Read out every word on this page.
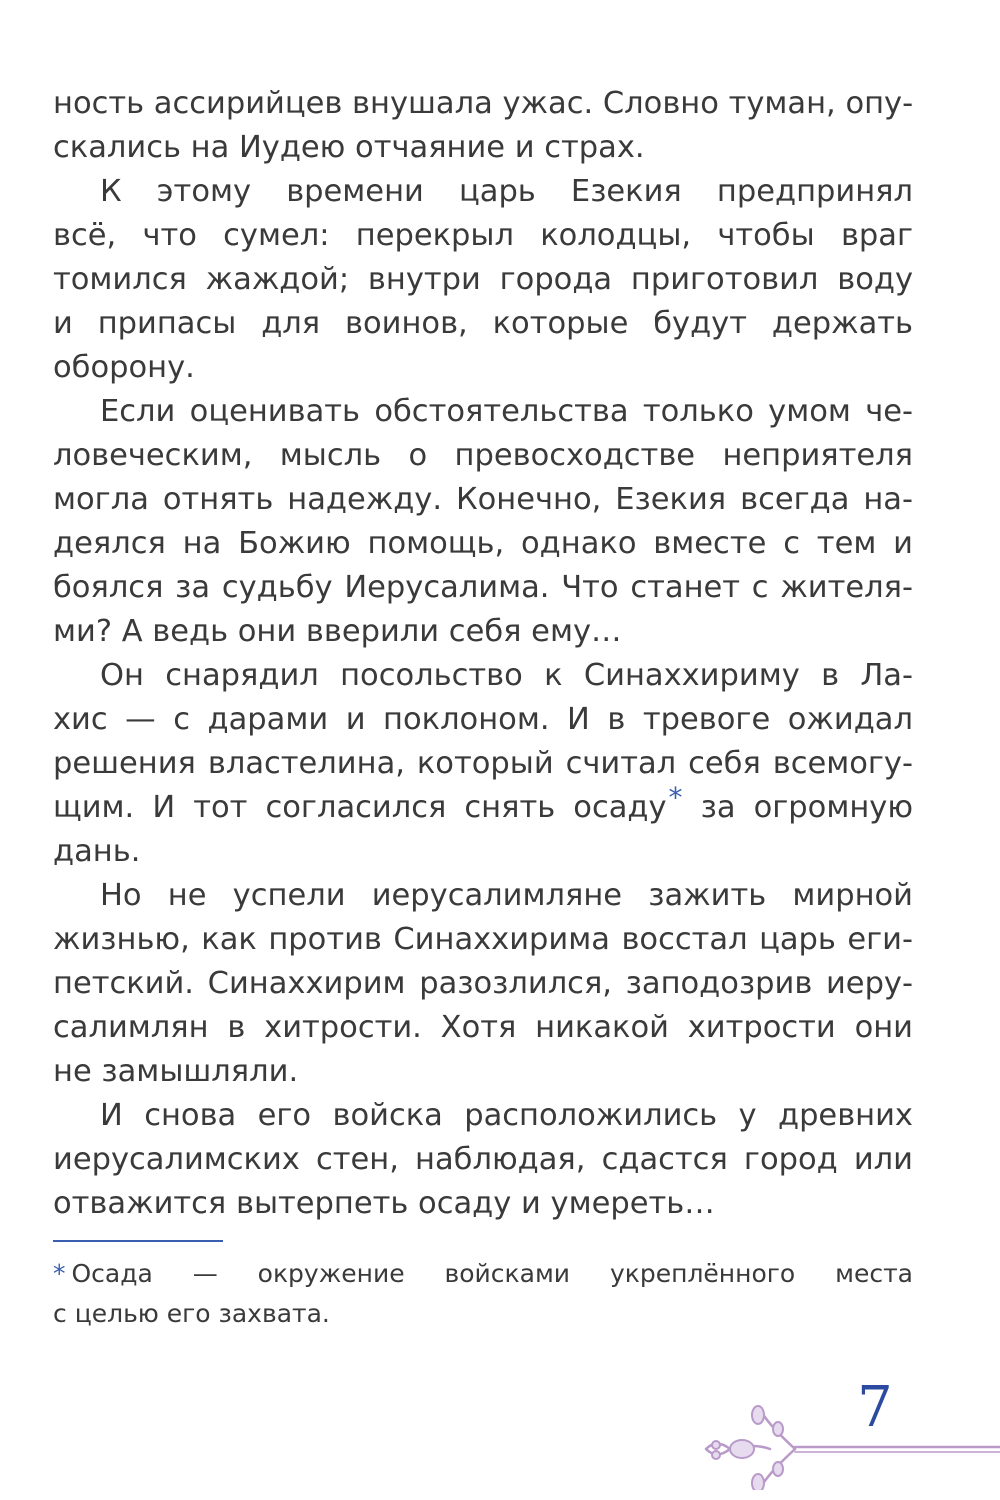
ность ассирийцев внушала ужас. Словно туман, опу-
скались на Иудею отчаяние и страх.
К этому времени царь Езекия предпринял
всё, что сумел: перекрыл колодцы, чтобы враг
томился жаждой; внутри города приготовил воду
и припасы для воинов, которые будут держать
оборону.
Если оценивать обстоятельства только умом че-
ловеческим, мысль о превосходстве неприятеля
могла отнять надежду. Конечно, Езекия всегда на-
деялся на Божию помощь, однако вместе с тем и
боялся за судьбу Иерусалима. Что станет с жителя-
ми? А ведь они вверили себя ему…
Он снарядил посольство к Синаххириму в Ла-
хис — с дарами и поклоном. И в тревоге ожидал
решения властелина, который считал себя всемогу-
щим. И тот согласился снять осаду* за огромную
дань.
Но не успели иерусалимляне зажить мирной
жизнью, как против Синаххирима восстал царь еги-
петский. Синаххирим разозлился, заподозрив иеру-
салимлян в хитрости. Хотя никакой хитрости они
не замышляли.
И снова его войска расположились у древних
иерусалимских стен, наблюдая, сдастся город или
отважится вытерпеть осаду и умереть…
* Осада — окружение войсками укреплённого места
с целью его захвата.
7
